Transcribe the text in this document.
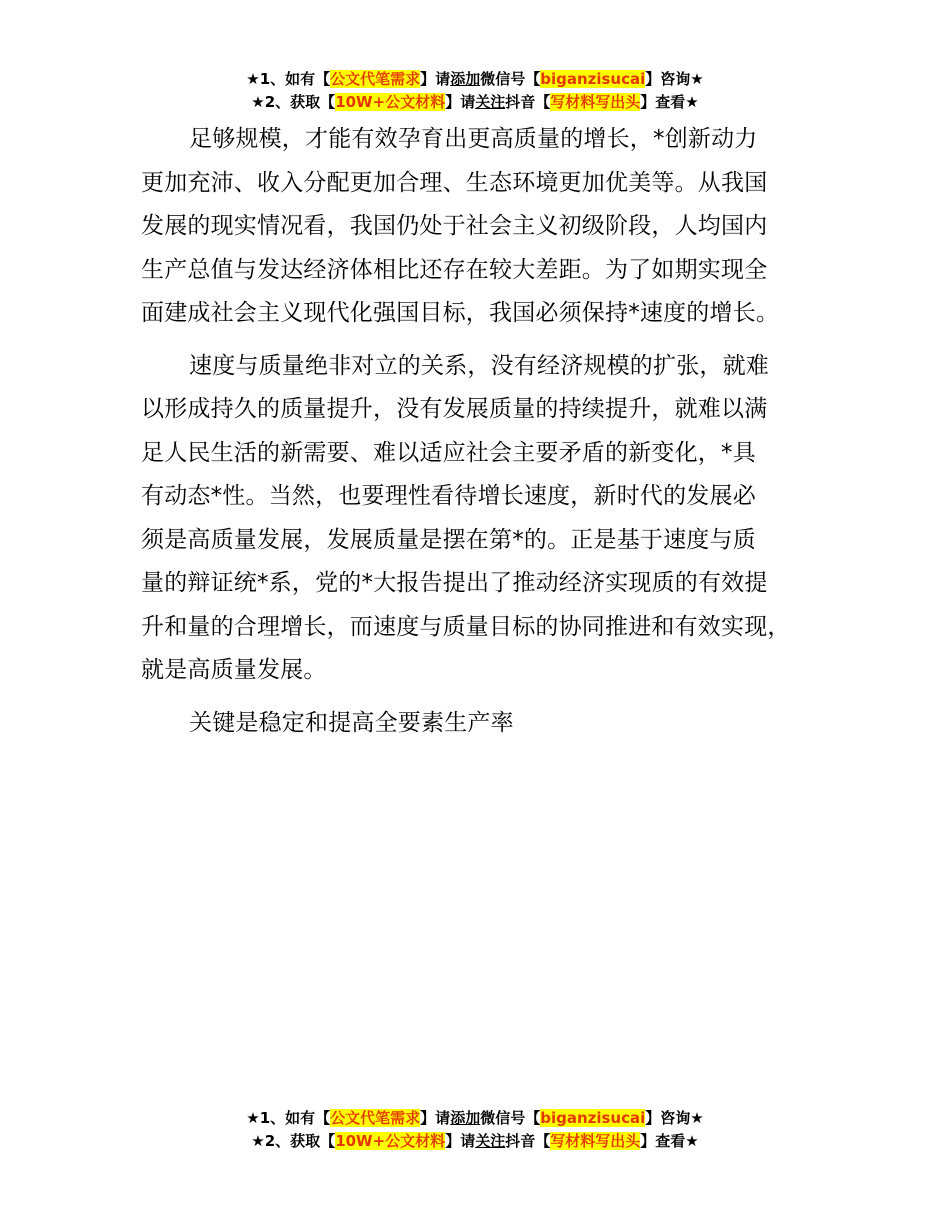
★1、如有【公文代笔需求】请添加微信号【biganzisucai】咨询★
★2、获取【10W+公文材料】请关注抖音【写材料写出头】查看★

足够规模，才能有效孕育出更高质量的增长，*创新动力
更加充沛、收入分配更加合理、生态环境更加优美等。从我国
发展的现实情况看，我国仍处于社会主义初级阶段，人均国内
生产总值与发达经济体相比还存在较大差距。为了如期实现全
面建成社会主义现代化强国目标，我国必须保持*速度的增长。

速度与质量绝非对立的关系，没有经济规模的扩张，就难
以形成持久的质量提升，没有发展质量的持续提升，就难以满
足人民生活的新需要、难以适应社会主要矛盾的新变化，*具
有动态*性。当然，也要理性看待增长速度，新时代的发展必
须是高质量发展，发展质量是摆在第*的。正是基于速度与质
量的辩证统*系，党的*大报告提出了推动经济实现质的有效提
升和量的合理增长，而速度与质量目标的协同推进和有效实现，
就是高质量发展。

关键是稳定和提高全要素生产率

★1、如有【公文代笔需求】请添加微信号【biganzisucai】咨询★
★2、获取【10W+公文材料】请关注抖音【写材料写出头】查看★
